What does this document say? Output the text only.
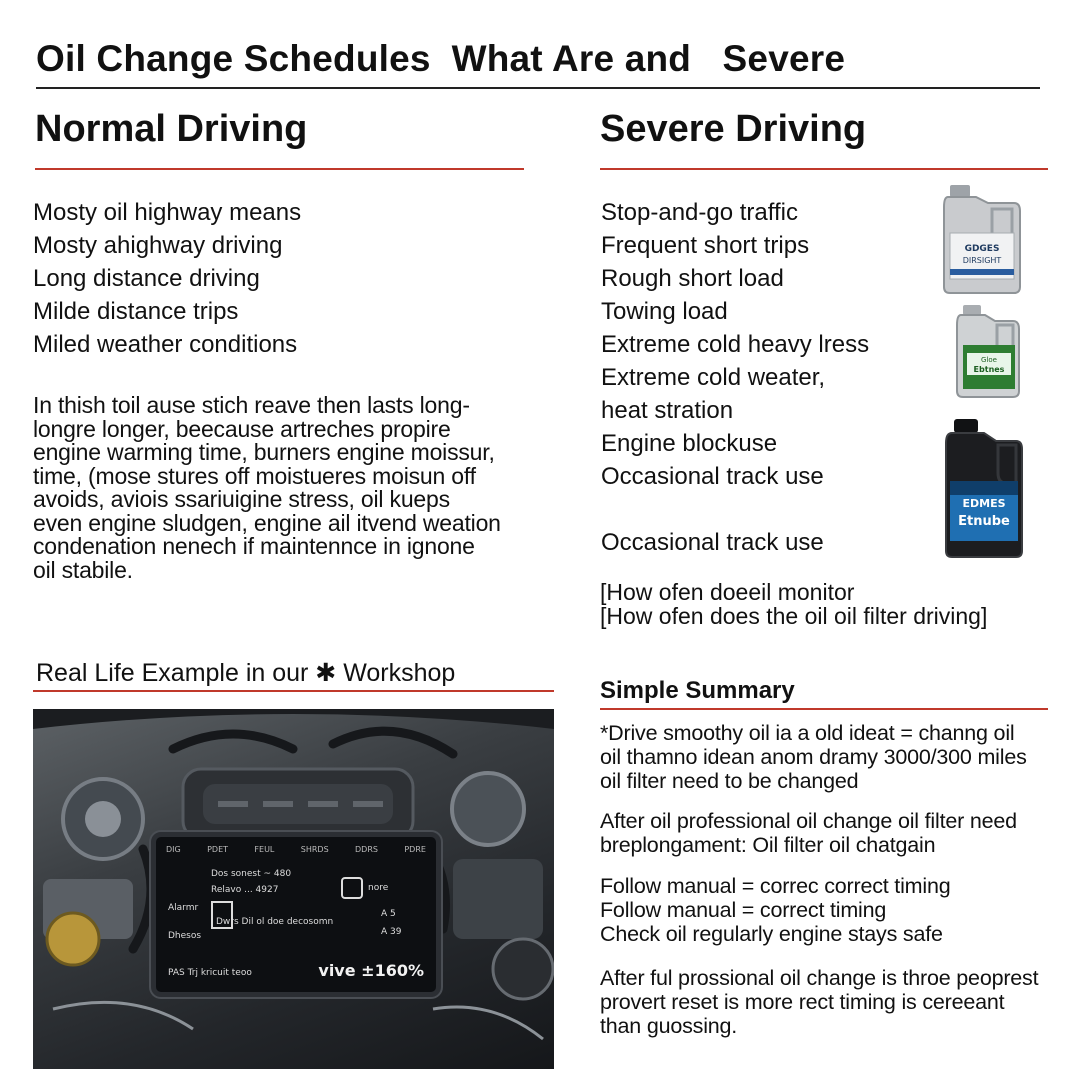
Oil Change Schedules  What Are and   Severe
Normal Driving
Mosty oil highway means
Mosty ahighway driving
Long distance driving
Milde distance trips
Miled weather conditions
In thish toil ause stich reave then lasts long-
longre longer, beecause artreches propire
engine warming time, burners engine moissur,
time, (mose stures off moistueres moisun off
avoids, aviois ssariuigine stress, oil kueps
even engine sludgen, engine ail itvend weation
condenation nenech if maintennce in ignone
oil stabile.
Real Life Example in our ✱ Workshop
DIG	PDET	FEUL	SHRDS	DDRS	PDRE
Dos sonest ~ 480
Relavo ... 4927
Alarmr
Dwrs Dil ol doe decosomn
Dhesos
nore
A 5
A 39
PAS Trj kricuit teoo	vive ±160%
Severe Driving
Stop-and-go traffic
Frequent short trips
Rough short load
Towing load
Extreme cold heavy lress
Extreme cold weater,
heat stration
Engine blockuse
Occasional track use
Occasional track use
[How ofen doeeil monitor
[How ofen does the oil oil filter driving]
GDGES
DIRSIGHT
Gloe
Ebtnes
EDMES
Etnube
Simple Summary
*Drive smoothy oil ia a old ideat = channg oil
oil thamno idean anom dramy 3000/300 miles
oil filter need to be changed
After oil professional oil change oil filter need
breplongament: Oil filter oil chatgain
Follow manual = correc correct timing
Follow manual = correct timing
Check oil regularly engine stays safe
After ful prossional oil change is throe peoprest
provert reset is more rect timing is cereeant
than guossing.
